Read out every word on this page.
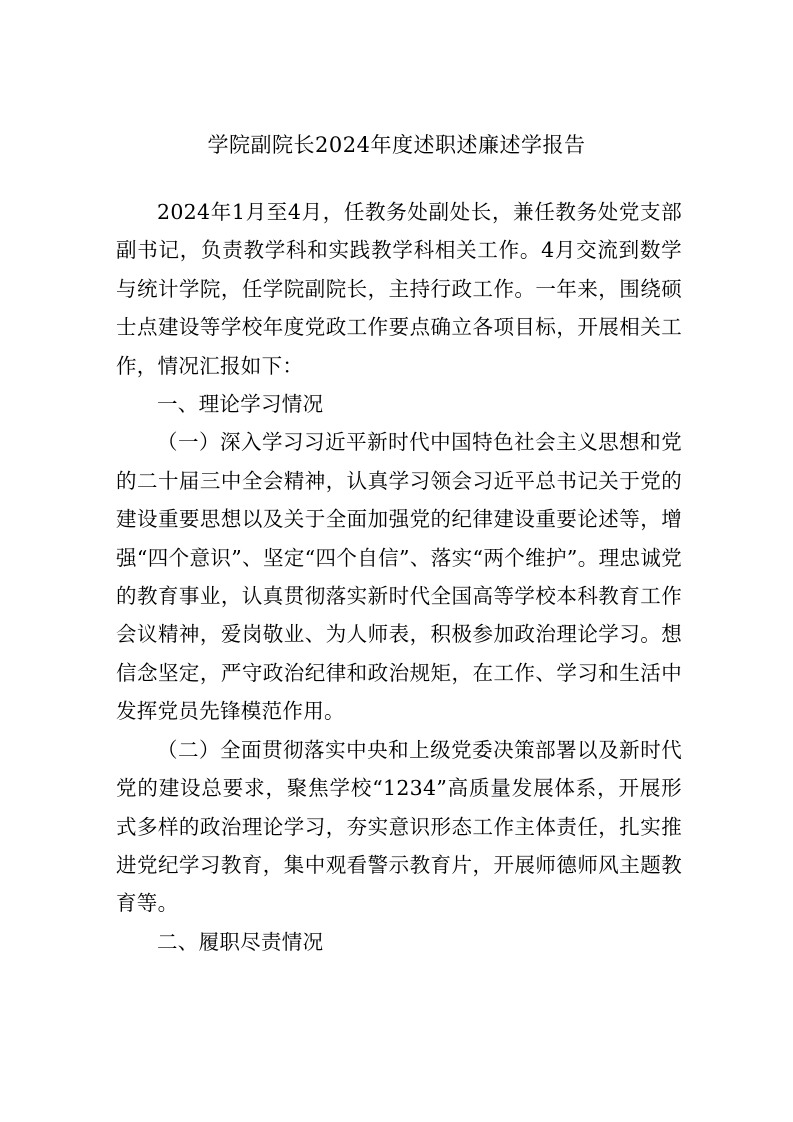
学院副院长2024年度述职述廉述学报告

2024年1月至4月，任教务处副处长，兼任教务处党支部副书记，负责教学科和实践教学科相关工作。4月交流到数学与统计学院，任学院副院长，主持行政工作。一年来，围绕硕士点建设等学校年度党政工作要点确立各项目标，开展相关工作，情况汇报如下：

一、理论学习情况

（一）深入学习习近平新时代中国特色社会主义思想和党的二十届三中全会精神，认真学习领会习近平总书记关于党的建设重要思想以及关于全面加强党的纪律建设重要论述等，增强“四个意识”、坚定“四个自信”、落实“两个维护”。理忠诚党的教育事业，认真贯彻落实新时代全国高等学校本科教育工作会议精神，爱岗敬业、为人师表，积极参加政治理论学习。想信念坚定，严守政治纪律和政治规矩，在工作、学习和生活中发挥党员先锋模范作用。

（二）全面贯彻落实中央和上级党委决策部署以及新时代党的建设总要求，聚焦学校“1234”高质量发展体系，开展形式多样的政治理论学习，夯实意识形态工作主体责任，扎实推进党纪学习教育，集中观看警示教育片，开展师德师风主题教育等。

二、履职尽责情况
